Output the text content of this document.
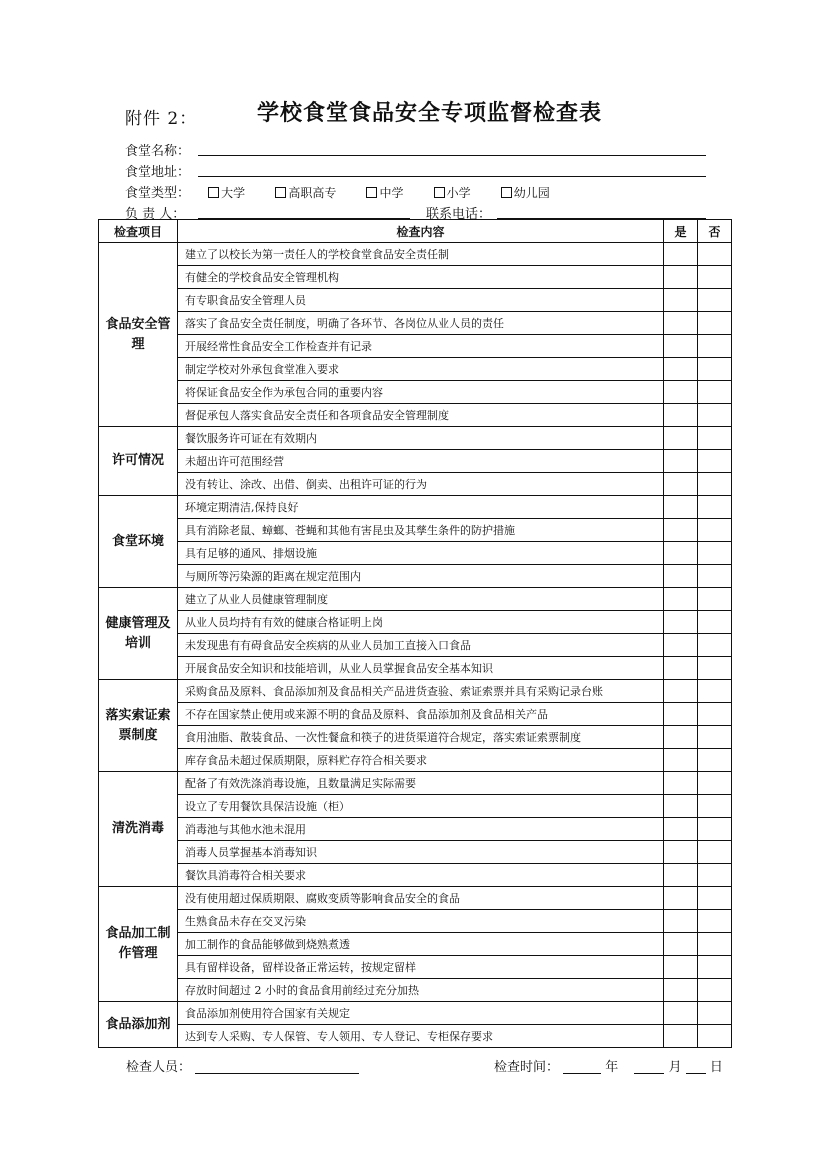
附件 2：	学校食堂食品安全专项监督检查表
食堂名称：
食堂地址：
食堂类型：	大学	高职高专	中学	小学	幼儿园
负 责 人：	联系电话：
检查项目	检查内容	是	否
食品安全管理	建立了以校长为第一责任人的学校食堂食品安全责任制		
	有健全的学校食品安全管理机构		
	有专职食品安全管理人员		
	落实了食品安全责任制度，明确了各环节、各岗位从业人员的责任		
	开展经常性食品安全工作检查并有记录		
	制定学校对外承包食堂准入要求		
	将保证食品安全作为承包合同的重要内容		
	督促承包人落实食品安全责任和各项食品安全管理制度		
许可情况	餐饮服务许可证在有效期内		
	未超出许可范围经营		
	没有转让、涂改、出借、倒卖、出租许可证的行为		
食堂环境	环境定期清洁,保持良好		
	具有消除老鼠、蟑螂、苍蝇和其他有害昆虫及其孳生条件的防护措施		
	具有足够的通风、排烟设施		
	与厕所等污染源的距离在规定范围内		
健康管理及培训	建立了从业人员健康管理制度		
	从业人员均持有有效的健康合格证明上岗		
	未发现患有有碍食品安全疾病的从业人员加工直接入口食品		
	开展食品安全知识和技能培训，从业人员掌握食品安全基本知识		
落实索证索票制度	采购食品及原料、食品添加剂及食品相关产品进货查验、索证索票并具有采购记录台账		
	不存在国家禁止使用或来源不明的食品及原料、食品添加剂及食品相关产品		
	食用油脂、散装食品、一次性餐盒和筷子的进货渠道符合规定，落实索证索票制度		
	库存食品未超过保质期限，原料贮存符合相关要求		
清洗消毒	配备了有效洗涤消毒设施，且数量满足实际需要		
	设立了专用餐饮具保洁设施（柜）		
	消毒池与其他水池未混用		
	消毒人员掌握基本消毒知识		
	餐饮具消毒符合相关要求		
食品加工制作管理	没有使用超过保质期限、腐败变质等影响食品安全的食品		
	生熟食品未存在交叉污染		
	加工制作的食品能够做到烧熟煮透		
	具有留样设备，留样设备正常运转，按规定留样		
	存放时间超过 2 小时的食品食用前经过充分加热		
食品添加剂	食品添加剂使用符合国家有关规定		
	达到专人采购、专人保管、专人领用、专人登记、专柜保存要求		
检查人员：	检查时间：	年	月 日
